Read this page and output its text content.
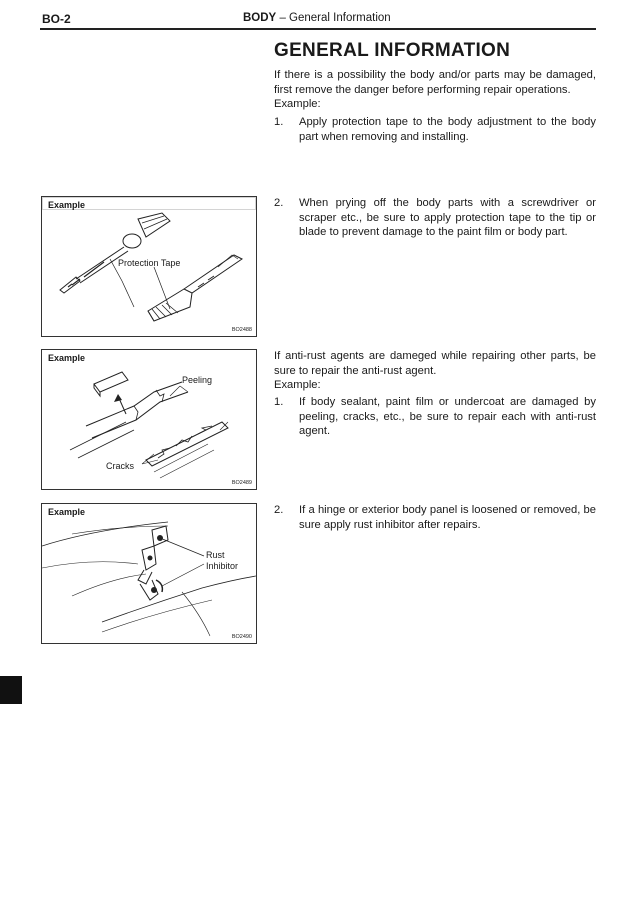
BO-2	BODY – General Information
GENERAL INFORMATION
If there is a possibility the body and/or parts may be damaged, first remove the danger before performing repair operations.
Example:
1. Apply protection tape to the body adjustment to the body part when removing and installing.
2. When prying off the body parts with a screwdriver or scraper etc., be sure to apply protection tape to the tip or blade to prevent damage to the paint film or body part.
If anti-rust agents are dameged while repairing other parts, be sure to repair the anti-rust agent.
Example:
1. If body sealant, paint film or undercoat are damaged by peeling, cracks, etc., be sure to repair each with anti-rust agent.
2. If a hinge or exterior body panel is loosened or removed, be sure apply rust inhibitor after repairs.
Example
Protection Tape
BO2488
Example
Peeling
Cracks
BO2489
Example
Rust
Inhibitor
BO2490
